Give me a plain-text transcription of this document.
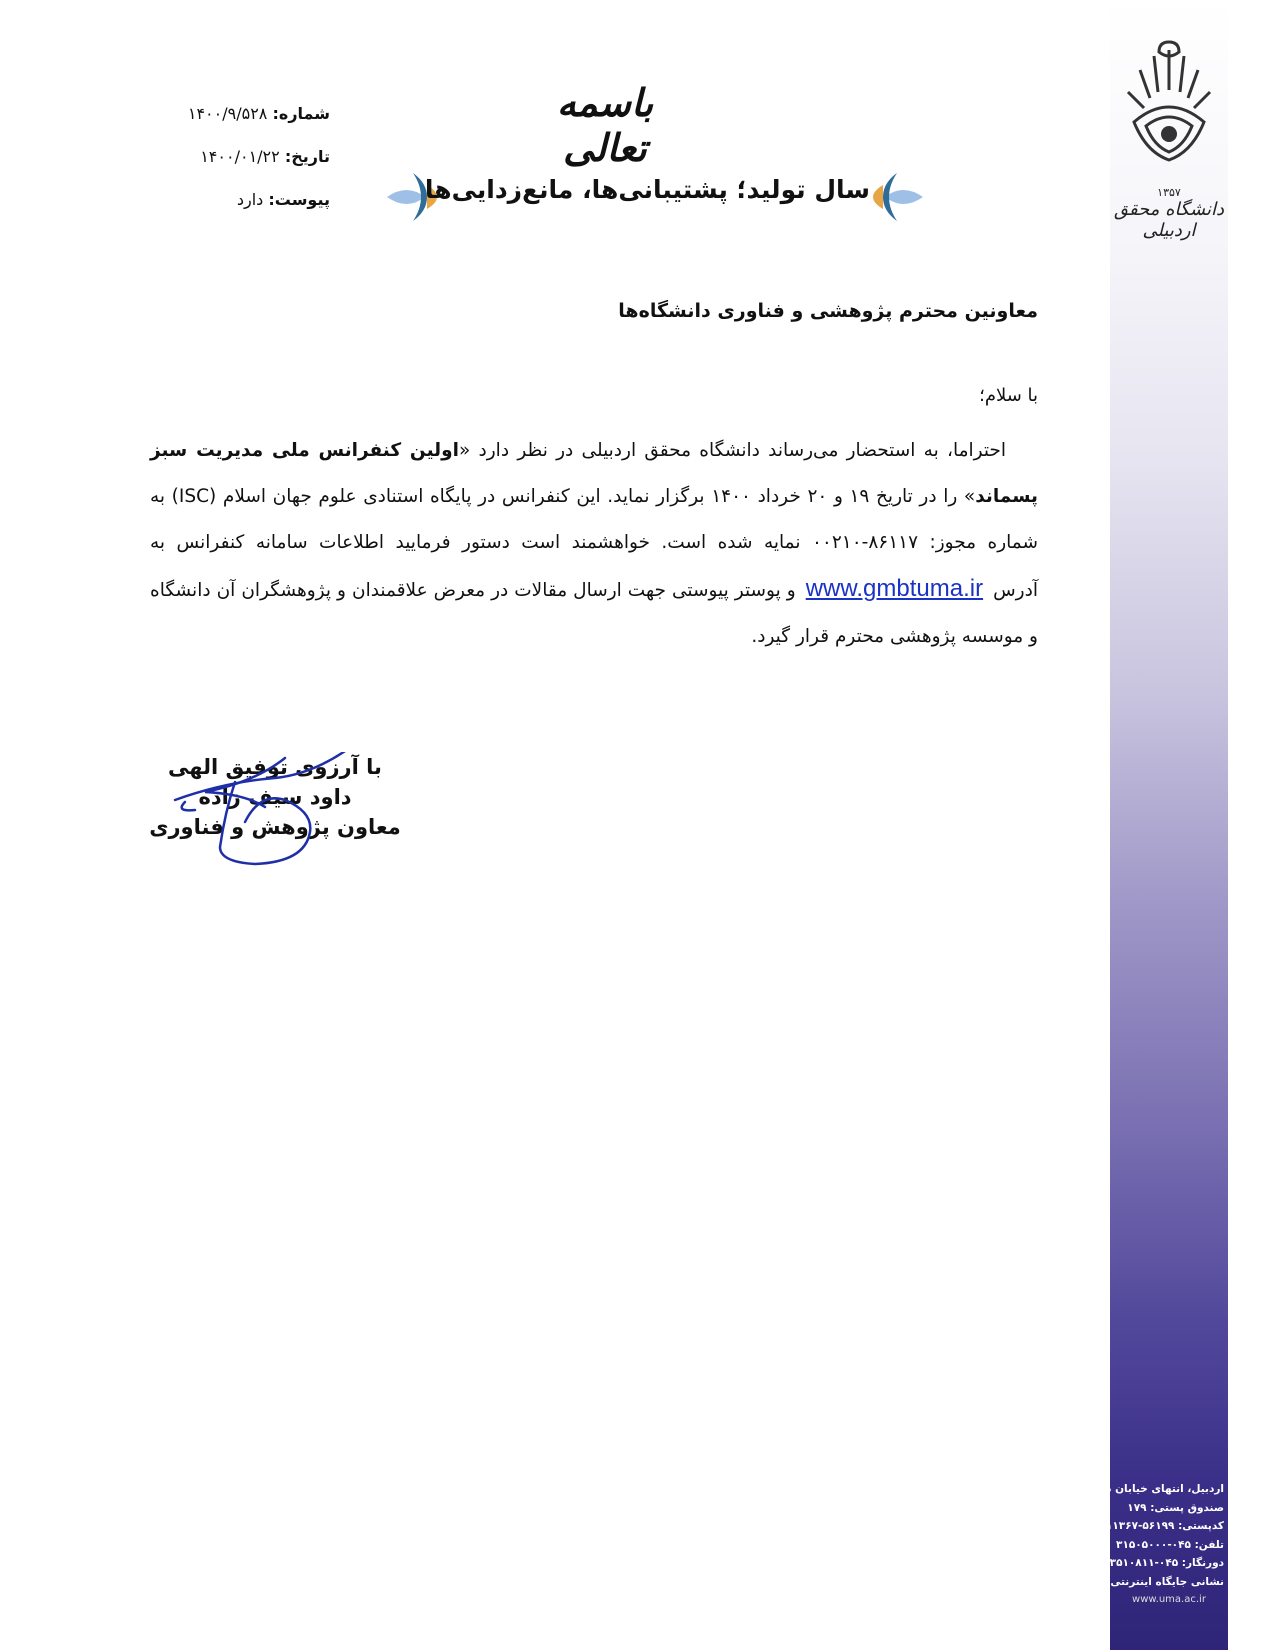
۱۳۵۷
دانشگاه محقق اردبیلی
اردبیل، انتهای خیابان دانشگاه
صندوق پستی: ۱۷۹
کدپستی: ۵۶۱۹۹-۱۱۳۶۷
تلفن: ۰۴۵-۳۱۵۰۵۰۰۰
دورنگار: ۰۴۵-۳۳۵۱۰۸۱۱
نشانی جایگاه اینترنتی دانشگاه
www.uma.ac.ir
شماره: ۱۴۰۰/۹/۵۲۸
تاریخ: ۱۴۰۰/۰۱/۲۲
پیوست: دارد
باسمه تعالی
سال تولید؛ پشتیبانی‌ها، مانع‌زدایی‌ها
معاونین محترم پژوهشی و فناوری دانشگاه‌ها
با سلام؛
احتراما، به استحضار می‌رساند دانشگاه محقق اردبیلی در نظر دارد «اولین کنفرانس ملی مدیریت سبز پسماند» را در تاریخ ۱۹ و ۲۰ خرداد ۱۴۰۰ برگزار نماید. این کنفرانس در پایگاه استنادی علوم جهان اسلام (ISC) به شماره مجوز: ۸۶۱۱۷-۰۰۲۱۰ نمایه شده است. خواهشمند است دستور فرمایید اطلاعات سامانه کنفرانس به آدرسwww.gmbtuma.irو پوستر پیوستی جهت ارسال مقالات در معرض علاقمندان و پژوهشگران آن دانشگاه و موسسه پژوهشی محترم قرار گیرد.
با آرزوی توفیق الهی
داود سیف زاده
معاون پژوهش و فناوری
